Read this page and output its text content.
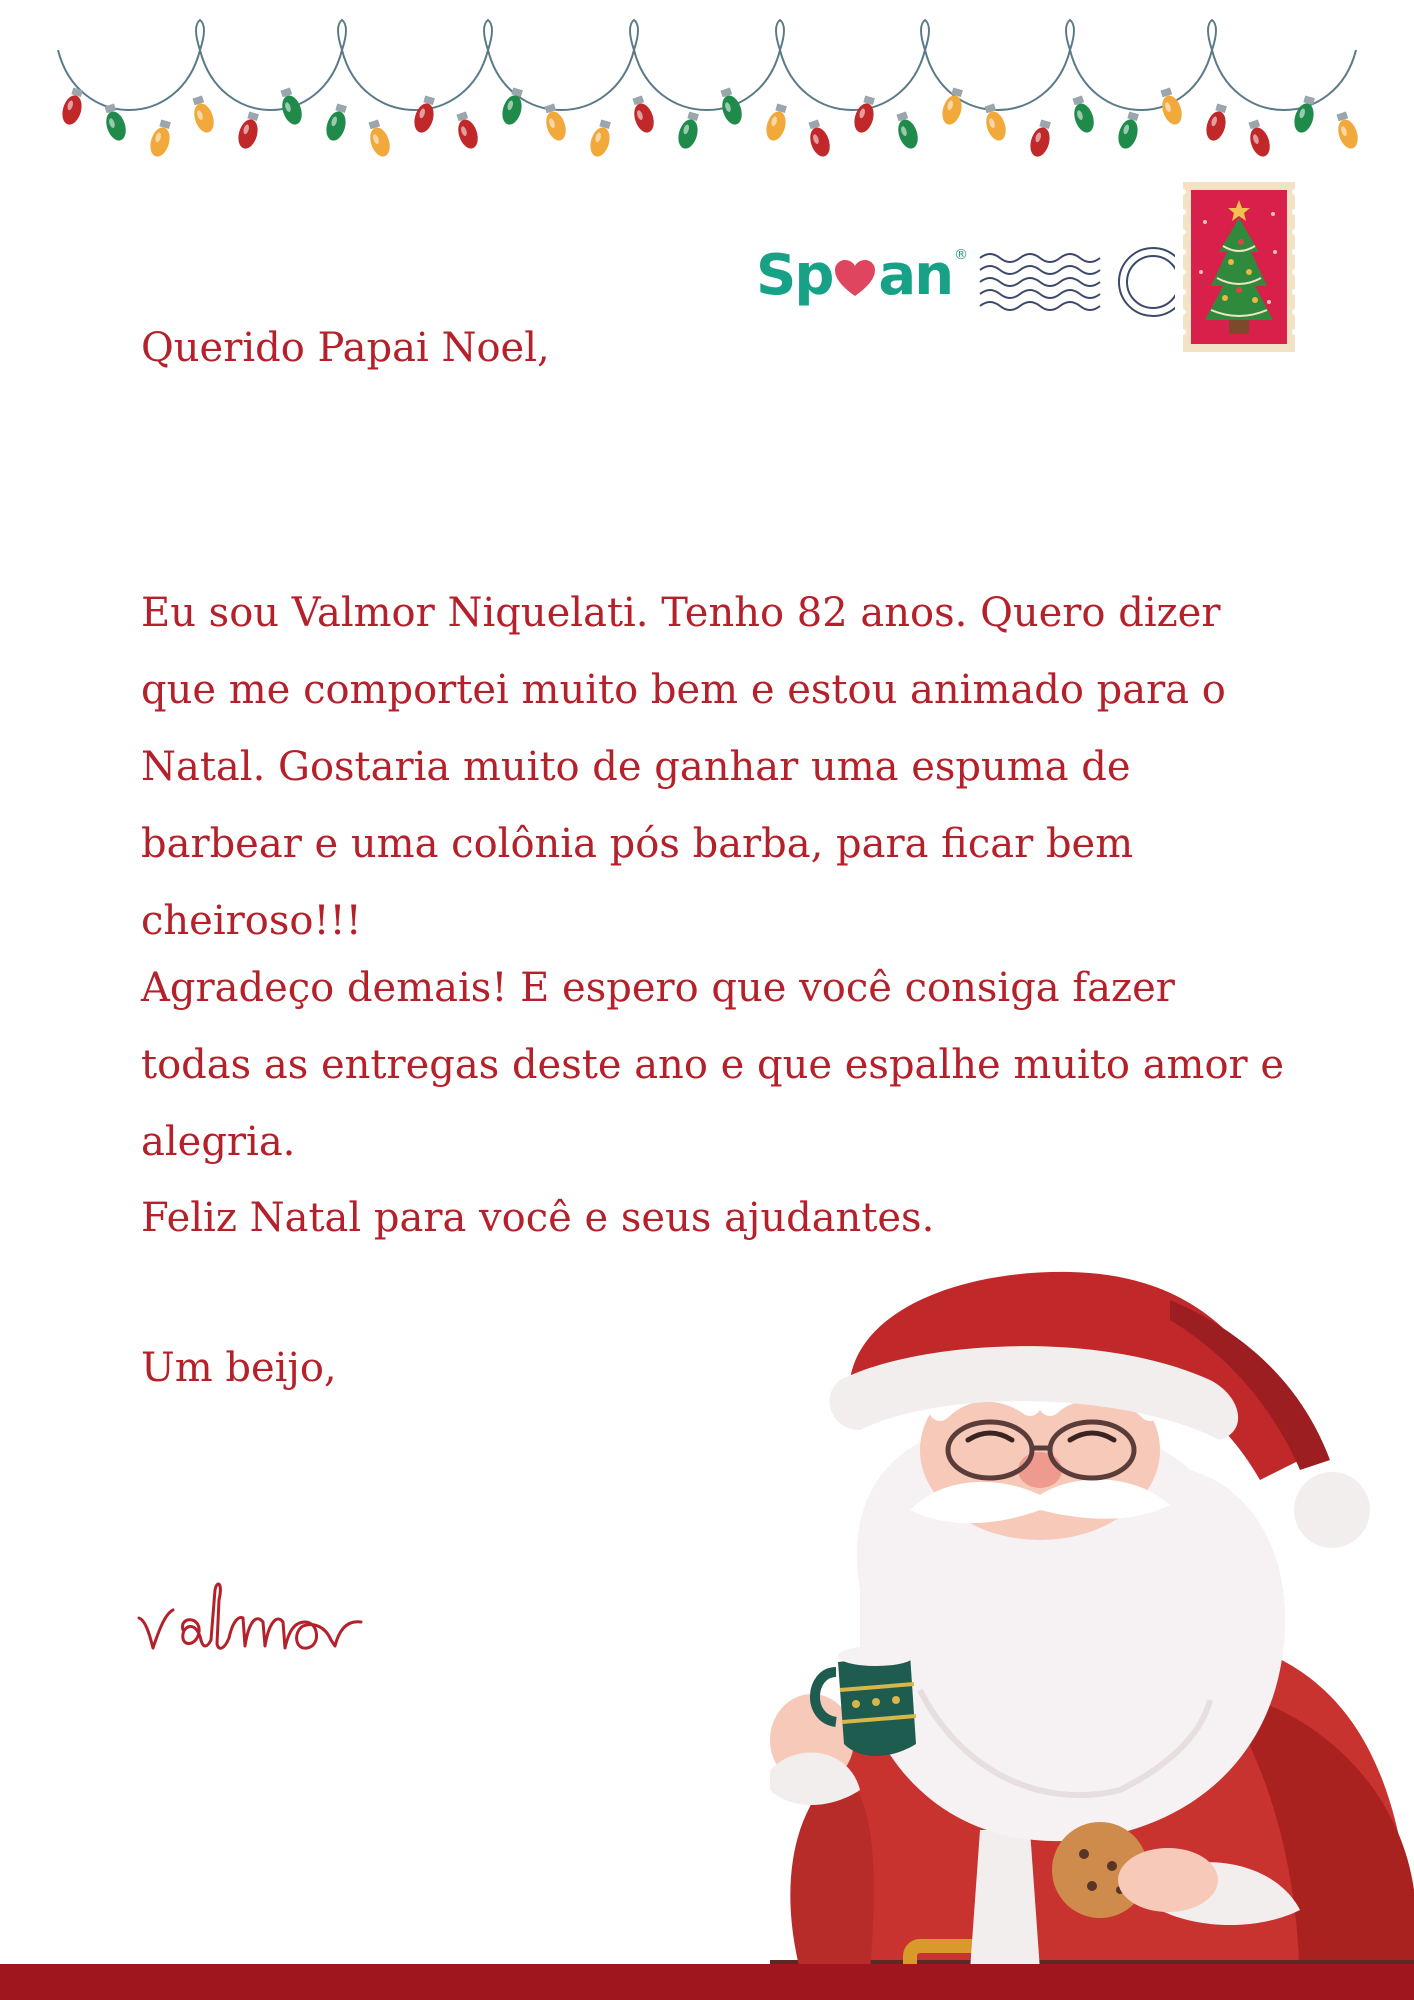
Sp an ®

Querido Papai Noel,

Eu sou Valmor Niquelati. Tenho 82 anos. Quero dizer que me comportei muito bem e estou animado para o Natal. Gostaria muito de ganhar uma espuma de barbear e uma colônia pós barba, para ficar bem cheiroso!!!

Agradeço demais! E espero que você consiga fazer todas as entregas deste ano e que espalhe muito amor e alegria.

Feliz Natal para você e seus ajudantes.

Um beijo,
